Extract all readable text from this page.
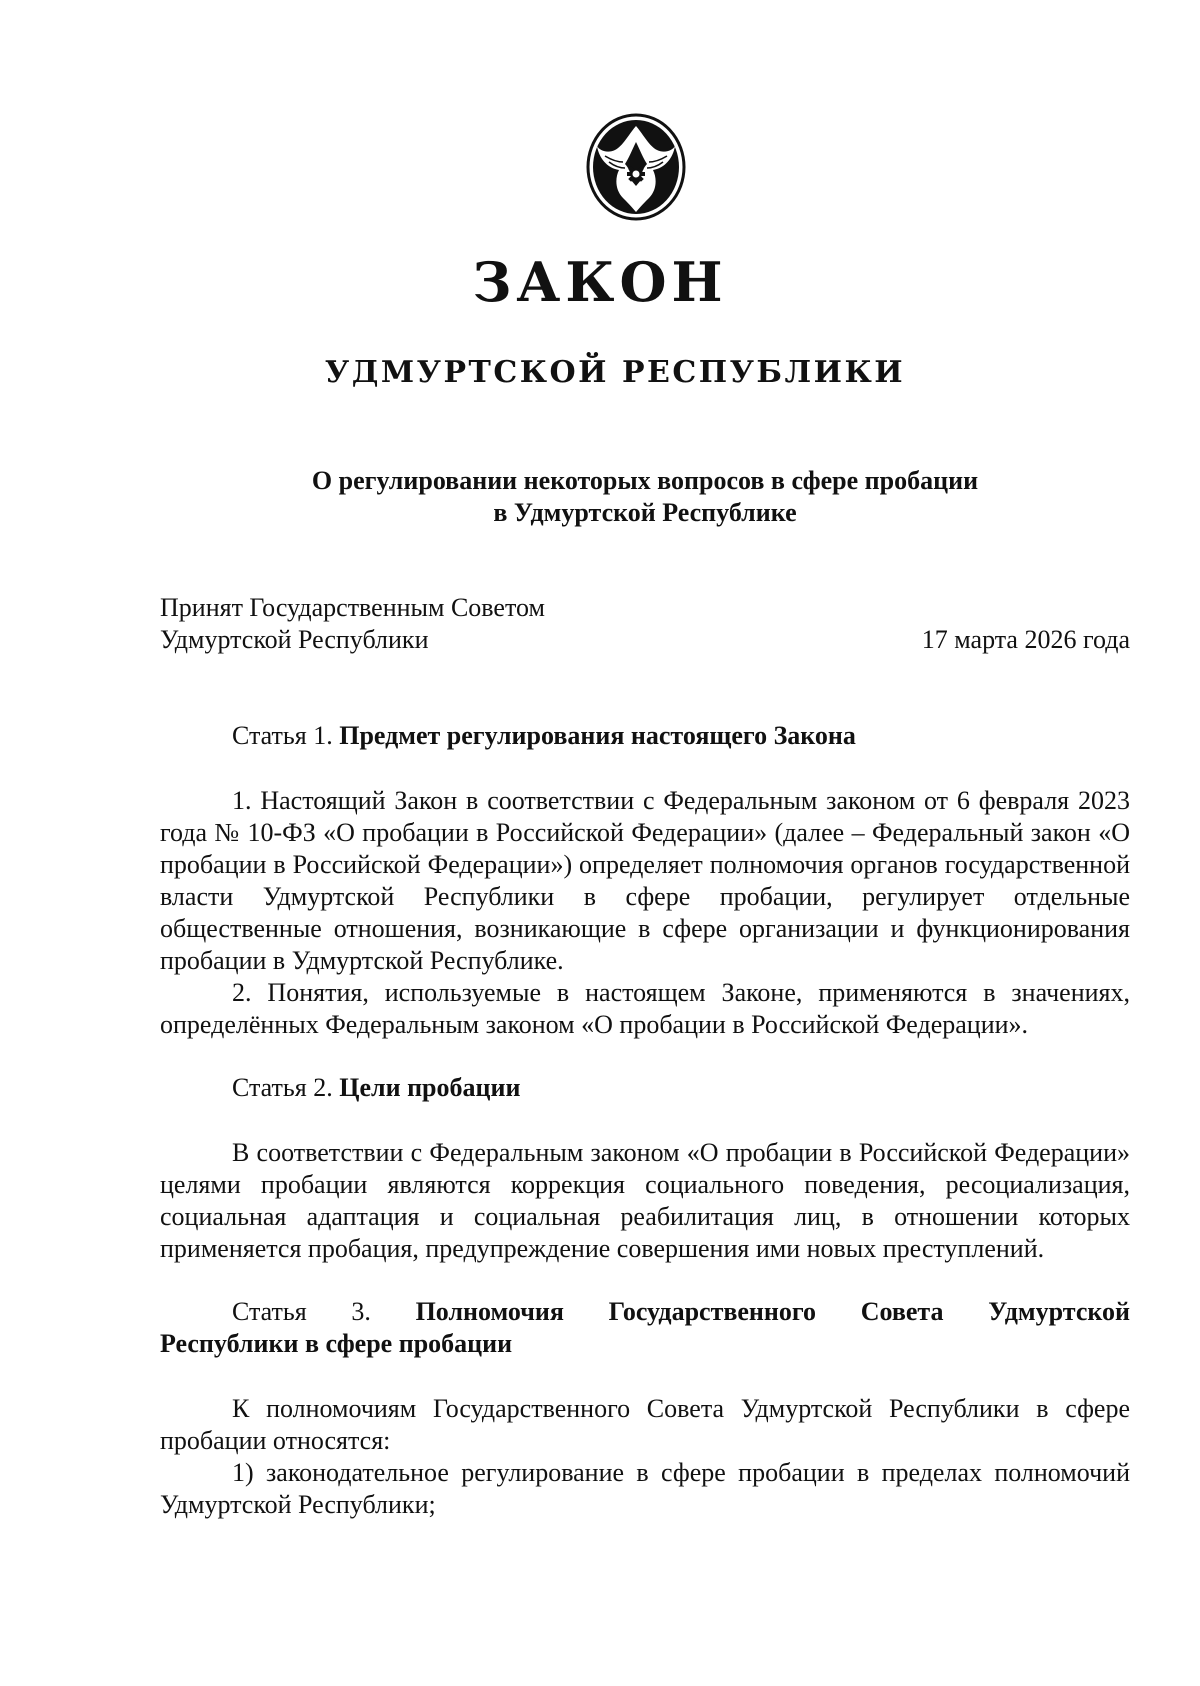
ЗАКОН
УДМУРТСКОЙ РЕСПУБЛИКИ
О регулировании некоторых вопросов в сфере пробации
в Удмуртской Республике
Принят Государственным Советом
Удмуртской Республики	17 марта 2026 года

Статья 1. Предмет регулирования настоящего Закона

1. Настоящий Закон в соответствии с Федеральным законом от 6 февраля 2023 года № 10-ФЗ «О пробации в Российской Федерации» (далее – Федеральный закон «О пробации в Российской Федерации») определяет полномочия органов государственной власти Удмуртской Республики в сфере пробации, регулирует отдельные общественные отношения, возникающие в сфере организации и функционирования пробации в Удмуртской Республике.

2. Понятия, используемые в настоящем Законе, применяются в значениях, определённых Федеральным законом «О пробации в Российской Федерации».

Статья 2. Цели пробации

В соответствии с Федеральным законом «О пробации в Российской Федерации» целями пробации являются коррекция социального поведения, ресоциализация, социальная адаптация и социальная реабилитация лиц, в отношении которых применяется пробация, предупреждение совершения ими новых преступлений.

Статья 3. Полномочия Государственного Совета Удмуртской

Республики в сфере пробации

К полномочиям Государственного Совета Удмуртской Республики в сфере пробации относятся:

1) законодательное регулирование в сфере пробации в пределах полномочий Удмуртской Республики;
